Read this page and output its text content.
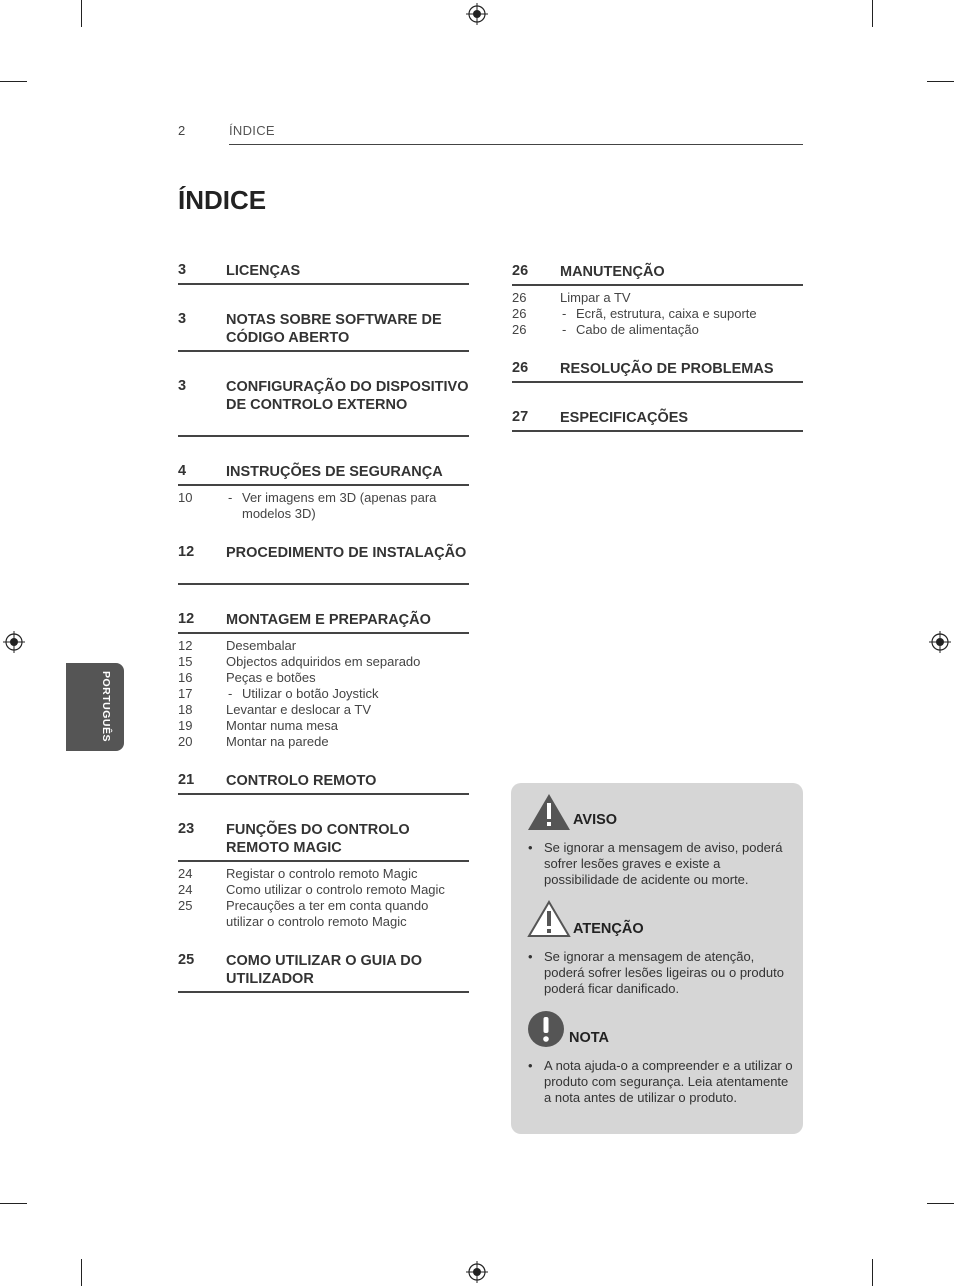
2	ÍNDICE
ÍNDICE
PORTUGUÊS
3	LICENÇAS
3	NOTAS SOBRE SOFTWARE DE CÓDIGO ABERTO
3	CONFIGURAÇÃO DO DISPOSITIVO DE CONTROLO EXTERNO
4	INSTRUÇÕES DE SEGURANÇA
10	- Ver imagens em 3D (apenas para modelos 3D)
12	PROCEDIMENTO DE INSTALAÇÃO
12	MONTAGEM E PREPARAÇÃO
12	Desembalar
15	Objectos adquiridos em separado
16	Peças e botões
17	- Utilizar o botão Joystick
18	Levantar e deslocar a TV
19	Montar numa mesa
20	Montar na parede
21	CONTROLO REMOTO
23	FUNÇÕES DO CONTROLO REMOTO MAGIC
24	Registar o controlo remoto Magic
24	Como utilizar o controlo remoto Magic
25	Precauções a ter em conta quando utilizar o controlo remoto Magic
25	COMO UTILIZAR O GUIA DO UTILIZADOR
26	MANUTENÇÃO
26	Limpar a TV
26	- Ecrã, estrutura, caixa e suporte
26	- Cabo de alimentação
26	RESOLUÇÃO DE PROBLEMAS
27	ESPECIFICAÇÕES
AVISO
• Se ignorar a mensagem de aviso, poderá sofrer lesões graves e existe a possibilidade de acidente ou morte.
ATENÇÃO
• Se ignorar a mensagem de atenção, poderá sofrer lesões ligeiras ou o produto poderá ficar danificado.
NOTA
• A nota ajuda-o a compreender e a utilizar o produto com segurança. Leia atentamente a nota antes de utilizar o produto.
